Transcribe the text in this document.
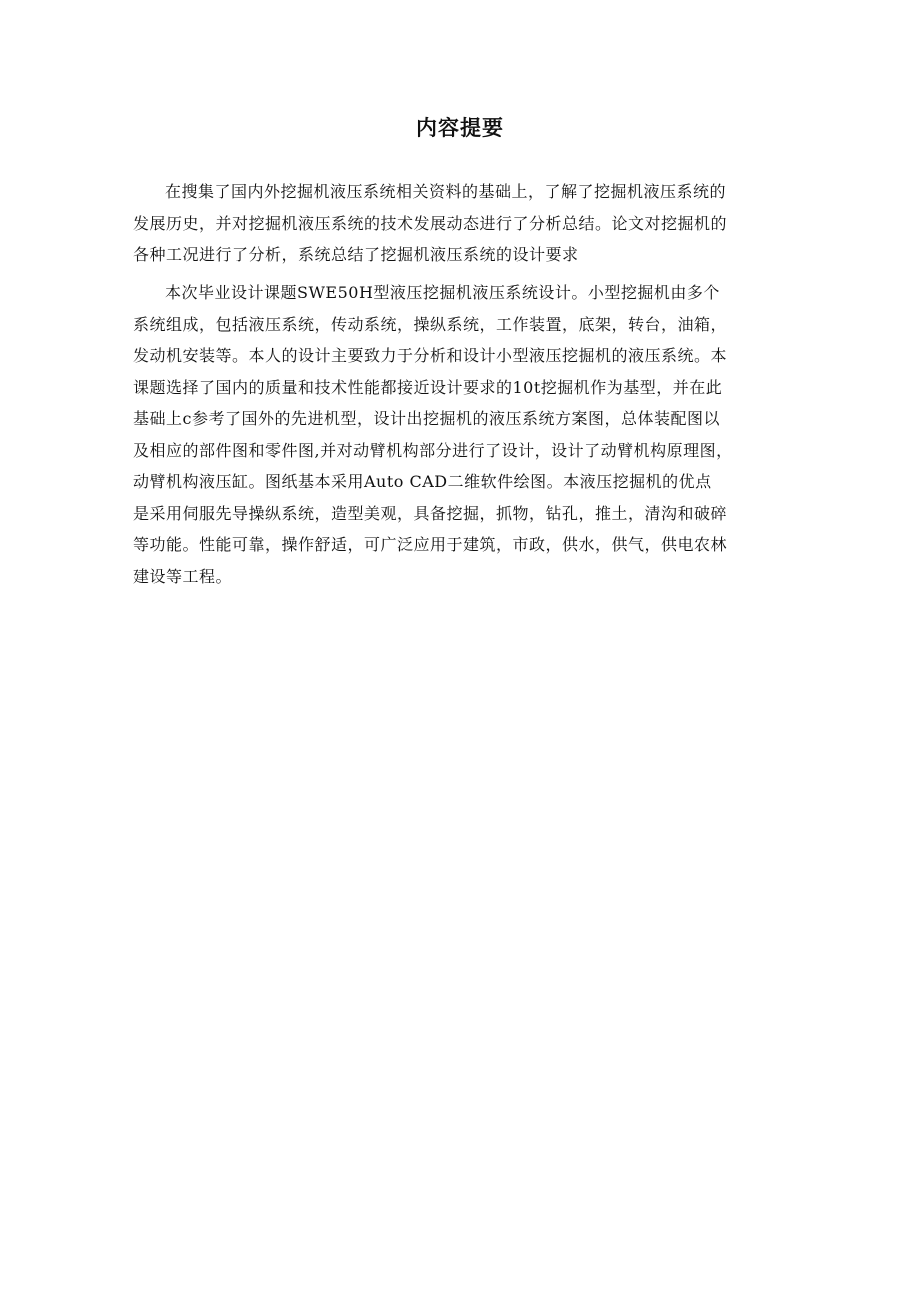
内容提要
在搜集了国内外挖掘机液压系统相关资料的基础上，了解了挖掘机液压系统的
发展历史，并对挖掘机液压系统的技术发展动态进行了分析总结。论文对挖掘机的
各种工况进行了分析，系统总结了挖掘机液压系统的设计要求
本次毕业设计课题SWE50H型液压挖掘机液压系统设计。小型挖掘机由多个
系统组成，包括液压系统，传动系统，操纵系统，工作装置，底架，转台，油箱，
发动机安装等。本人的设计主要致力于分析和设计小型液压挖掘机的液压系统。本
课题选择了国内的质量和技术性能都接近设计要求的10t挖掘机作为基型，并在此
基础上c参考了国外的先进机型，设计出挖掘机的液压系统方案图，总体装配图以
及相应的部件图和零件图,并对动臂机构部分进行了设计，设计了动臂机构原理图，
动臂机构液压缸。图纸基本采用Auto CAD二维软件绘图。本液压挖掘机的优点
是采用伺服先导操纵系统，造型美观，具备挖掘，抓物，钻孔，推土，清沟和破碎
等功能。性能可靠，操作舒适，可广泛应用于建筑，市政，供水，供气，供电农林
建设等工程。
